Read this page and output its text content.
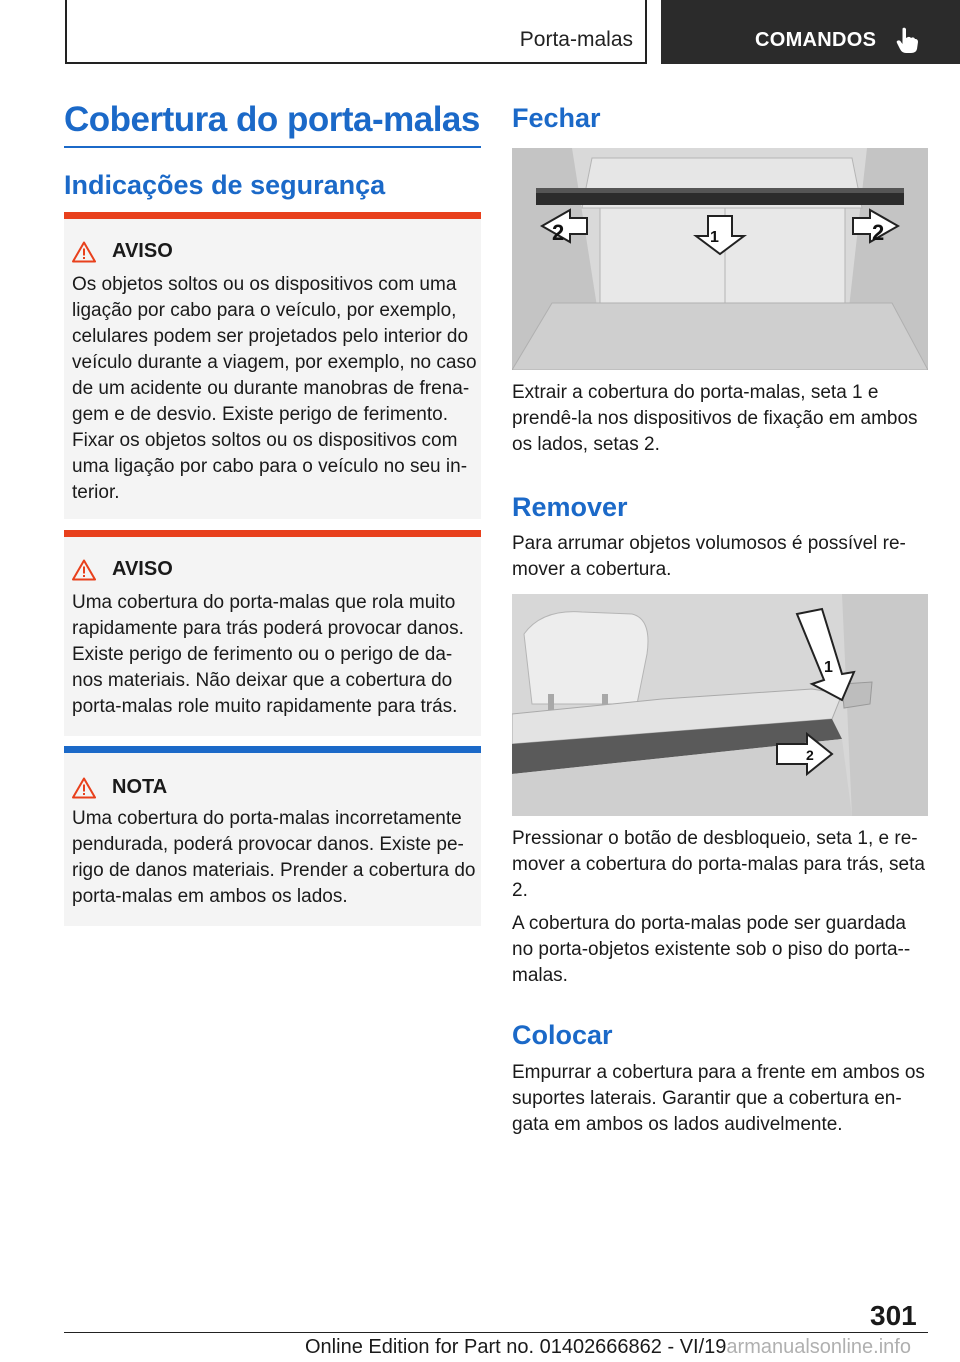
Porta-malas	COMANDOS
Cobertura do porta-malas
Indicações de segurança
AVISO
Os objetos soltos ou os dispositivos com uma ligação por cabo para o veículo, por exemplo, celulares podem ser projetados pelo interior do veículo durante a viagem, por exemplo, no caso de um acidente ou durante manobras de frena-gem e de desvio. Existe perigo de ferimento. Fixar os objetos soltos ou os dispositivos com uma ligação por cabo para o veículo no seu in-terior.
AVISO
Uma cobertura do porta-malas que rola muito rapidamente para trás poderá provocar danos. Existe perigo de ferimento ou o perigo de da-nos materiais. Não deixar que a cobertura do porta-malas role muito rapidamente para trás.
NOTA
Uma cobertura do porta-malas incorretamente pendurada, poderá provocar danos. Existe pe-rigo de danos materiais. Prender a cobertura do porta-malas em ambos os lados.
Fechar
2	1	2
Extrair a cobertura do porta-malas, seta 1 e prendê-la nos dispositivos de fixação em ambos os lados, setas 2.
Remover
Para arrumar objetos volumosos é possível re-mover a cobertura.
1
2
Pressionar o botão de desbloqueio, seta 1, e re-mover a cobertura do porta-malas para trás, seta 2.
A cobertura do porta-malas pode ser guardada no porta-objetos existente sob o piso do porta--malas.
Colocar
Empurrar a cobertura para a frente em ambos os suportes laterais. Garantir que a cobertura en-gata em ambos os lados audivelmente.
301
Online Edition for Part no. 01402666862 - VI/19armanualsonline.info
